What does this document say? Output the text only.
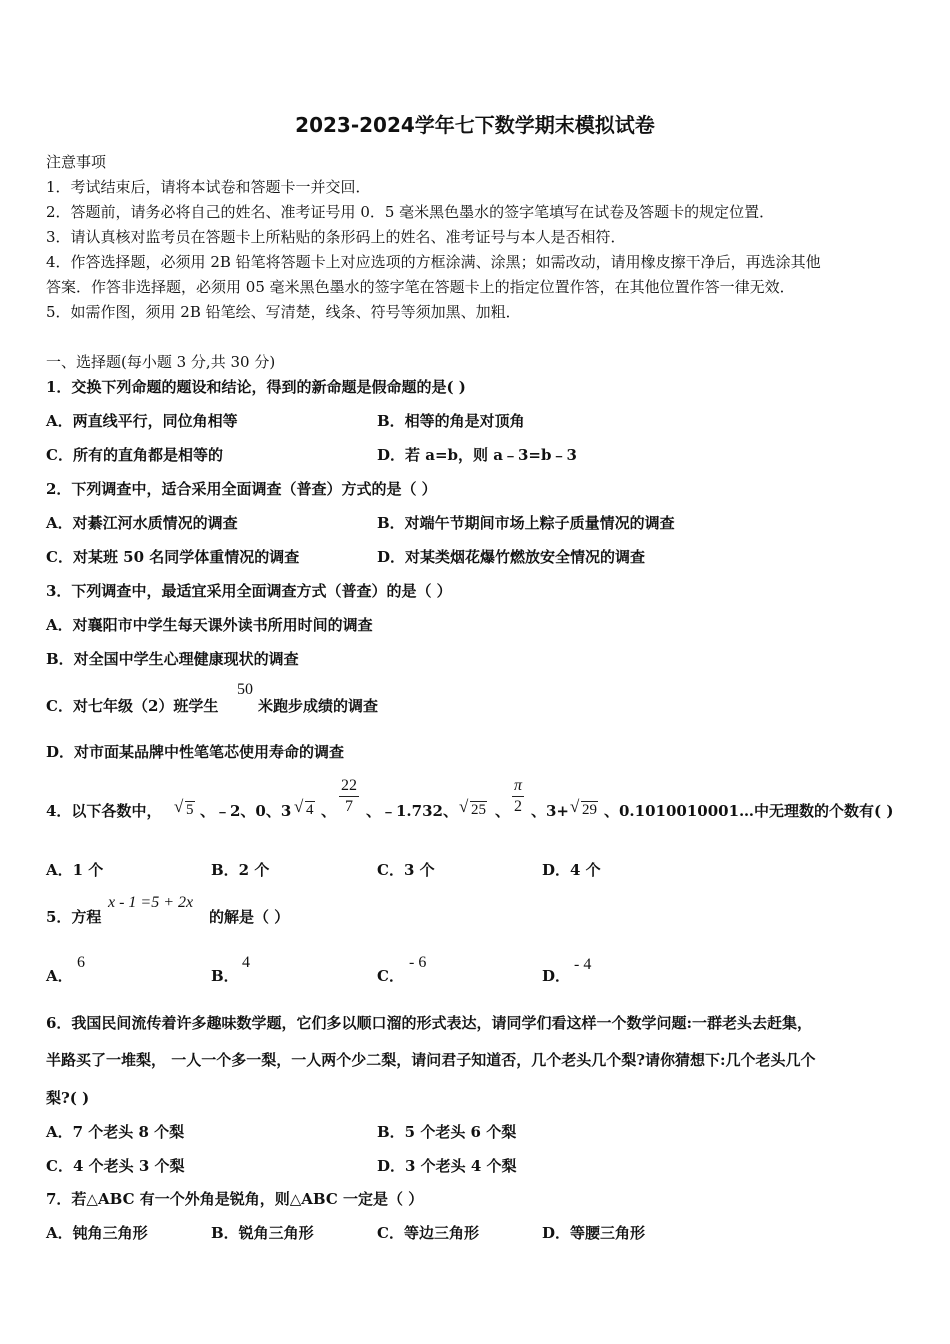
2023-2024学年七下数学期末模拟试卷
注意事项
1．考试结束后，请将本试卷和答题卡一并交回．
2．答题前，请务必将自己的姓名、准考证号用 0．5 毫米黑色墨水的签字笔填写在试卷及答题卡的规定位置．
3．请认真核对监考员在答题卡上所粘贴的条形码上的姓名、准考证号与本人是否相符．
4．作答选择题，必须用 2B 铅笔将答题卡上对应选项的方框涂满、涂黑；如需改动，请用橡皮擦干净后，再选涂其他
答案．作答非选择题，必须用 05 毫米黑色墨水的签字笔在答题卡上的指定位置作答，在其他位置作答一律无效．
5．如需作图，须用 2B 铅笔绘、写清楚，线条、符号等须加黑、加粗．
一、选择题(每小题 3 分,共 30 分)
1．交换下列命题的题设和结论，得到的新命题是假命题的是( )
A．两直线平行，同位角相等	B．相等的角是对顶角
C．所有的直角都是相等的	D．若 a=b，则 a﹣3=b﹣3
2．下列调查中，适合采用全面调查（普查）方式的是（ ）
A．对綦江河水质情况的调查	B．对端午节期间市场上粽子质量情况的调查
C．对某班 50 名同学体重情况的调查	D．对某类烟花爆竹燃放安全情况的调查
3．下列调查中，最适宜采用全面调查方式（普查）的是（ ）
A．对襄阳市中学生每天课外读书所用时间的调查
B．对全国中学生心理健康现状的调查
C．对七年级（2）班学生
50
米跑步成绩的调查
D．对市面某品牌中性笔笔芯使用寿命的调查
4．以下各数中， √ 5 、﹣2、0、3 √ 4 、 $\frac{22}{7}$ 、﹣1.732、 √ 25 、 $\frac{\pi}{2}$ 、3+ √ 29 、0.1010010001…中无理数的个数有( )
A．1 个	B．2 个	C．3 个	D．4 个
5．方程
x - 1 =5 + 2x
的解是（ ）
A．
6
B．
4
C．
- 6
D．
- 4
6．我国民间流传着许多趣味数学题，它们多以顺口溜的形式表达，请同学们看这样一个数学问题:一群老头去赶集，
半路买了一堆梨， 一人一个多一梨，一人两个少二梨，请问君子知道否，几个老头几个梨?请你猜想下:几个老头几个
梨?( )
A．7 个老头 8 个梨	B．5 个老头 6 个梨
C．4 个老头 3 个梨	D．3 个老头 4 个梨
7．若△ABC 有一个外角是锐角，则△ABC 一定是（ ）
A．钝角三角形	B．锐角三角形	C．等边三角形	D．等腰三角形
